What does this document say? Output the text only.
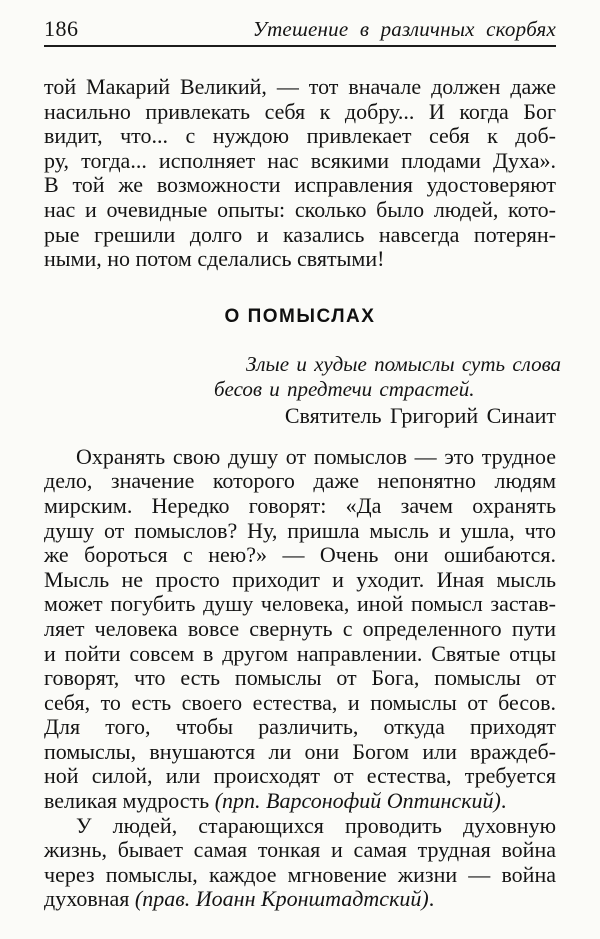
186	Утешение в различных скорбях
той Макарий Великий, — тот вначале должен даже
насильно привлекать себя к добру... И когда Бог
видит, что... с нуждою привлекает себя к доб-
ру, тогда... исполняет нас всякими плодами Духа».
В той же возможности исправления удостоверяют
нас и очевидные опыты: сколько было людей, кото-
рые грешили долго и казались навсегда потерян-
ными, но потом сделались святыми!
О ПОМЫСЛАХ
Злые и худые помыслы суть слова
бесов и предтечи страстей.
Святитель Григорий Синаит
Охранять свою душу от помыслов — это трудное
дело, значение которого даже непонятно людям
мирским. Нередко говорят: «Да зачем охранять
душу от помыслов? Ну, пришла мысль и ушла, что
же бороться с нею?» — Очень они ошибаются.
Мысль не просто приходит и уходит. Иная мысль
может погубить душу человека, иной помысл застав-
ляет человека вовсе свернуть с определенного пути
и пойти совсем в другом направлении. Святые отцы
говорят, что есть помыслы от Бога, помыслы от
себя, то есть своего естества, и помыслы от бесов.
Для того, чтобы различить, откуда приходят
помыслы, внушаются ли они Богом или враждеб-
ной силой, или происходят от естества, требуется
великая мудрость (прп. Варсонофий Оптинский).
У людей, старающихся проводить духовную
жизнь, бывает самая тонкая и самая трудная война
через помыслы, каждое мгновение жизни — война
духовная (прав. Иоанн Кронштадтский).
